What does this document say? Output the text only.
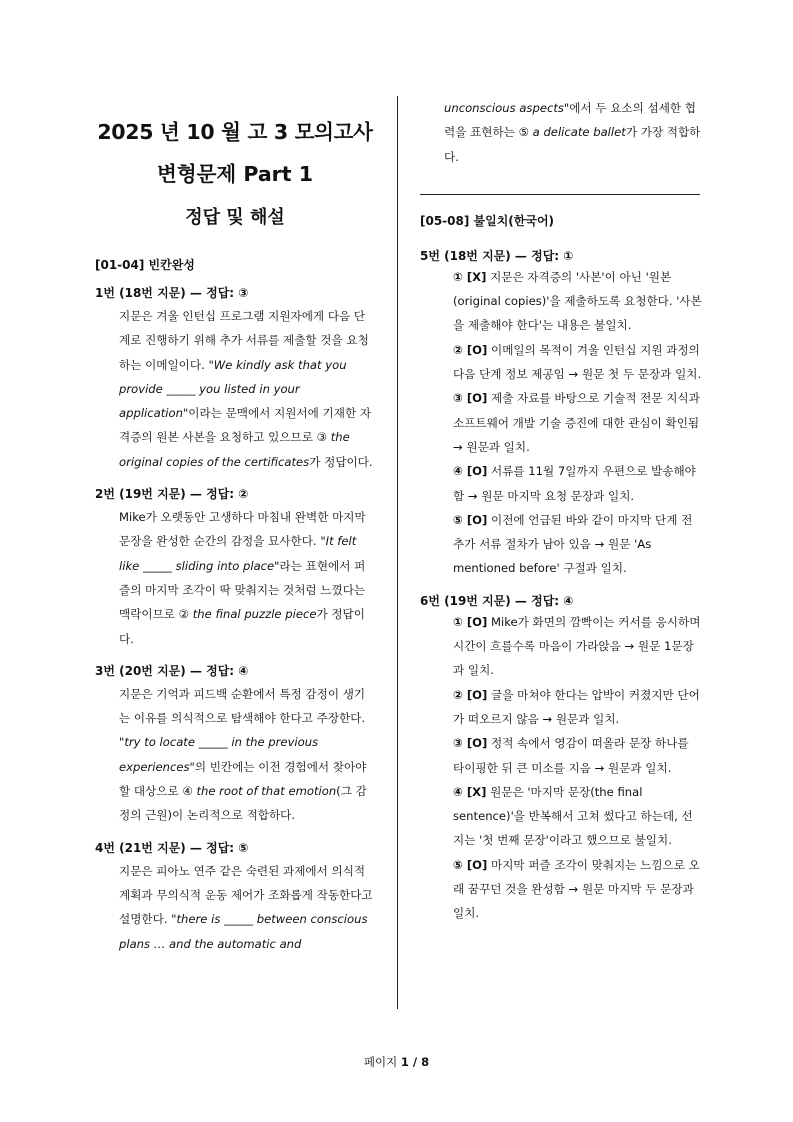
2025 년 10 월 고 3 모의고사
변형문제 Part 1
정답 및 해설
[01-04] 빈칸완성
1번 (18번 지문) — 정답: ③
지문은 겨울 인턴십 프로그램 지원자에게 다음 단계로 진행하기 위해 추가 서류를 제출할 것을 요청하는 이메일이다. "We kindly ask that you provide _____ you listed in your application"이라는 문맥에서 지원서에 기재한 자격증의 원본 사본을 요청하고 있으므로 ③ the original copies of the certificates가 정답이다.
2번 (19번 지문) — 정답: ②
Mike가 오랫동안 고생하다 마침내 완벽한 마지막 문장을 완성한 순간의 감정을 묘사한다. "It felt like _____ sliding into place"라는 표현에서 퍼즐의 마지막 조각이 딱 맞춰지는 것처럼 느꼈다는 맥락이므로 ② the final puzzle piece가 정답이다.
3번 (20번 지문) — 정답: ④
지문은 기억과 피드백 순환에서 특정 감정이 생기는 이유를 의식적으로 탐색해야 한다고 주장한다. "try to locate _____ in the previous experiences"의 빈칸에는 이전 경험에서 찾아야 할 대상으로 ④ the root of that emotion(그 감정의 근원)이 논리적으로 적합하다.
4번 (21번 지문) — 정답: ⑤
지문은 피아노 연주 같은 숙련된 과제에서 의식적 계획과 무의식적 운동 제어가 조화롭게 작동한다고 설명한다. "there is _____ between conscious plans … and the automatic and
unconscious aspects"에서 두 요소의 섬세한 협력을 표현하는 ⑤ a delicate ballet가 가장 적합하다.
[05-08] 불일치(한국어)
5번 (18번 지문) — 정답: ①
① [X] 지문은 자격증의 '사본'이 아닌 '원본(original copies)'을 제출하도록 요청한다. '사본을 제출해야 한다'는 내용은 불일치.
② [O] 이메일의 목적이 겨울 인턴십 지원 과정의 다음 단계 정보 제공임 → 원문 첫 두 문장과 일치.
③ [O] 제출 자료를 바탕으로 기술적 전문 지식과 소프트웨어 개발 기술 증진에 대한 관심이 확인됨 → 원문과 일치.
④ [O] 서류를 11월 7일까지 우편으로 발송해야 함 → 원문 마지막 요청 문장과 일치.
⑤ [O] 이전에 언급된 바와 같이 마지막 단계 전 추가 서류 절차가 남아 있음 → 원문 'As mentioned before' 구절과 일치.
6번 (19번 지문) — 정답: ④
① [O] Mike가 화면의 깜빡이는 커서를 응시하며 시간이 흐를수록 마음이 가라앉음 → 원문 1문장과 일치.
② [O] 글을 마쳐야 한다는 압박이 커졌지만 단어가 떠오르지 않음 → 원문과 일치.
③ [O] 정적 속에서 영감이 떠올라 문장 하나를 타이핑한 뒤 큰 미소를 지음 → 원문과 일치.
④ [X] 원문은 '마지막 문장(the final sentence)'을 반복해서 고쳐 썼다고 하는데, 선지는 '첫 번째 문장'이라고 했으므로 불일치.
⑤ [O] 마지막 퍼즐 조각이 맞춰지는 느낌으로 오래 꿈꾸던 것을 완성함 → 원문 마지막 두 문장과 일치.
페이지 1 / 8
